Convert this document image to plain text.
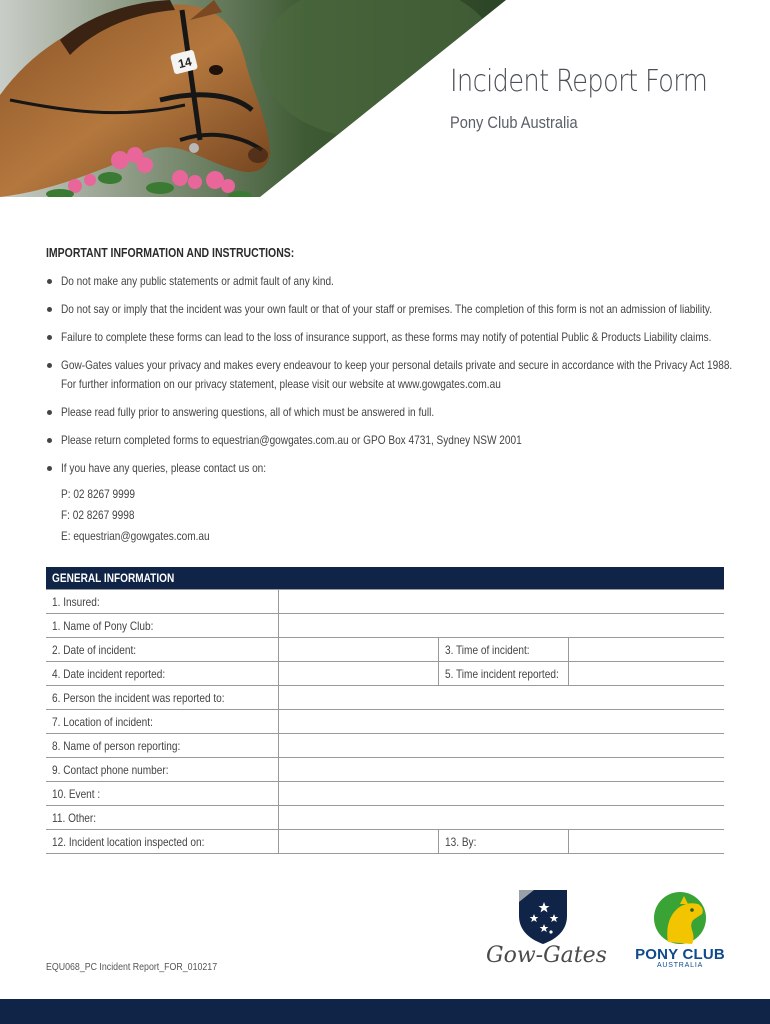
14
Incident Report Form
Pony Club Australia
IMPORTANT INFORMATION AND INSTRUCTIONS:
Do not make any public statements or admit fault of any kind.
Do not say or imply that the incident was your own fault or that of your staff or premises. The completion of this form is not an admission of liability.
Failure to complete these forms can lead to the loss of insurance support, as these forms may notify of potential Public & Products Liability claims.
Gow-Gates values your privacy and makes every endeavour to keep your personal details private and secure in accordance with the Privacy Act 1988.
For further information on our privacy statement, please visit our website at www.gowgates.com.au
Please read fully prior to answering questions, all of which must be answered in full.
Please return completed forms to equestrian@gowgates.com.au or GPO Box 4731, Sydney NSW 2001
If you have any queries, please contact us on:
P: 02 8267 9999
F: 02 8267 9998
E: equestrian@gowgates.com.au
GENERAL INFORMATION			
1. Insured:			
1. Name of Pony Club:			
2. Date of incident:		3. Time of incident:	
4. Date incident reported:		5. Time incident reported:	
6. Person the incident was reported to:			
7. Location of incident:			
8. Name of person reporting:			
9. Contact phone number:			
10. Event :			
11. Other:			
12. Incident location inspected on:		13. By:	
Gow-Gates PONY CLUB
AUSTRALIA
EQU068_PC Incident Report_FOR_010217
